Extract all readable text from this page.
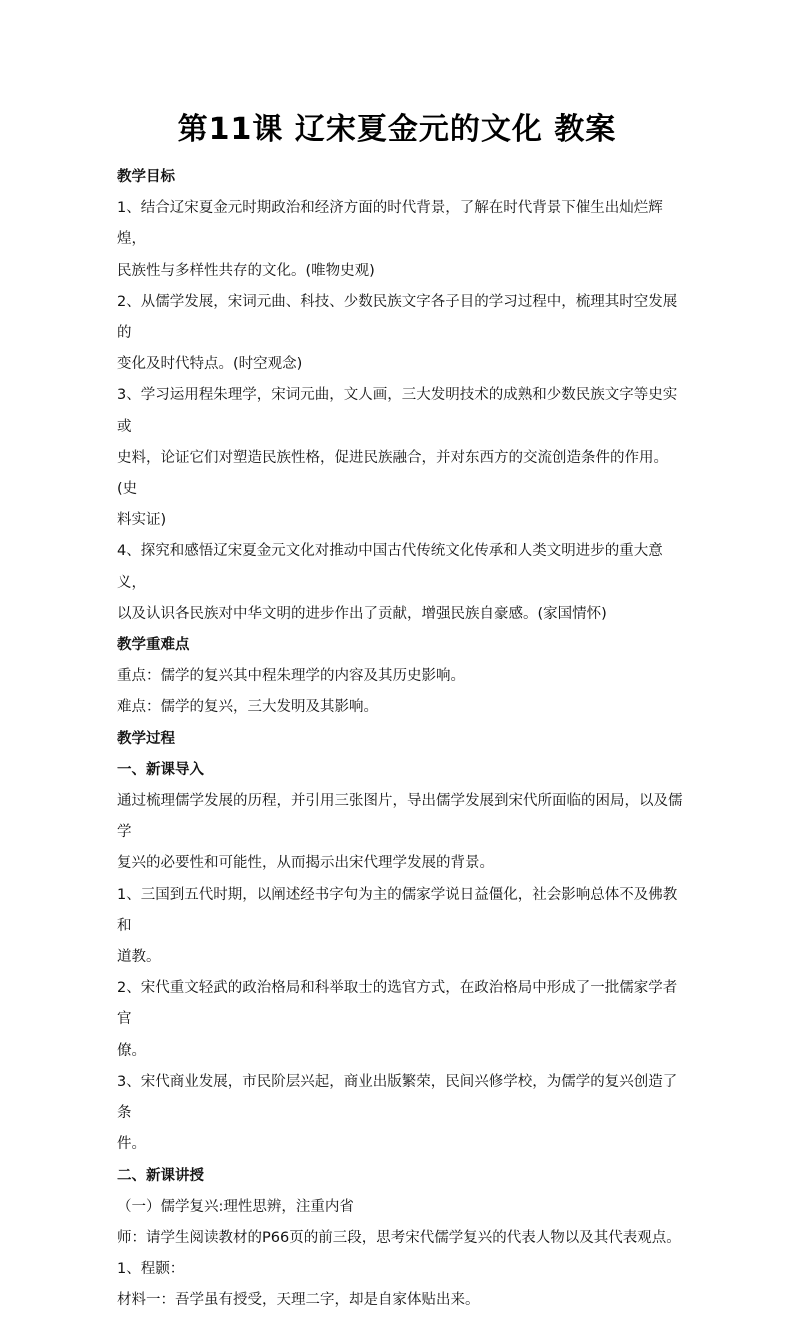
第11课 辽宋夏金元的文化 教案

教学目标

1、结合辽宋夏金元时期政治和经济方面的时代背景，了解在时代背景下催生出灿烂辉煌，

民族性与多样性共存的文化。(唯物史观)

2、从儒学发展，宋词元曲、科技、少数民族文字各子目的学习过程中，梳理其时空发展的

变化及时代特点。(时空观念)

3、学习运用程朱理学，宋词元曲，文人画，三大发明技术的成熟和少数民族文字等史实或

史料，论证它们对塑造民族性格，促进民族融合，并对东西方的交流创造条件的作用。(史

料实证)

4、探究和感悟辽宋夏金元文化对推动中国古代传统文化传承和人类文明进步的重大意义，

以及认识各民族对中华文明的进步作出了贡献，增强民族自豪感。(家国情怀)

教学重难点

重点：儒学的复兴其中程朱理学的内容及其历史影响。

难点：儒学的复兴，三大发明及其影响。

教学过程

一、新课导入

通过梳理儒学发展的历程，并引用三张图片，导出儒学发展到宋代所面临的困局，以及儒学

复兴的必要性和可能性，从而揭示出宋代理学发展的背景。

1、三国到五代时期，以阐述经书字句为主的儒家学说日益僵化，社会影响总体不及佛教和

道教。

2、宋代重文轻武的政治格局和科举取士的选官方式，在政治格局中形成了一批儒家学者官

僚。

3、宋代商业发展，市民阶层兴起，商业出版繁荣，民间兴修学校，为儒学的复兴创造了条

件。

二、新课讲授

（一）儒学复兴:理性思辨，注重内省

师：请学生阅读教材的P66页的前三段，思考宋代儒学复兴的代表人物以及其代表观点。

1、程颢：

材料一：吾学虽有授受，天理二字，却是自家体贴出来。
